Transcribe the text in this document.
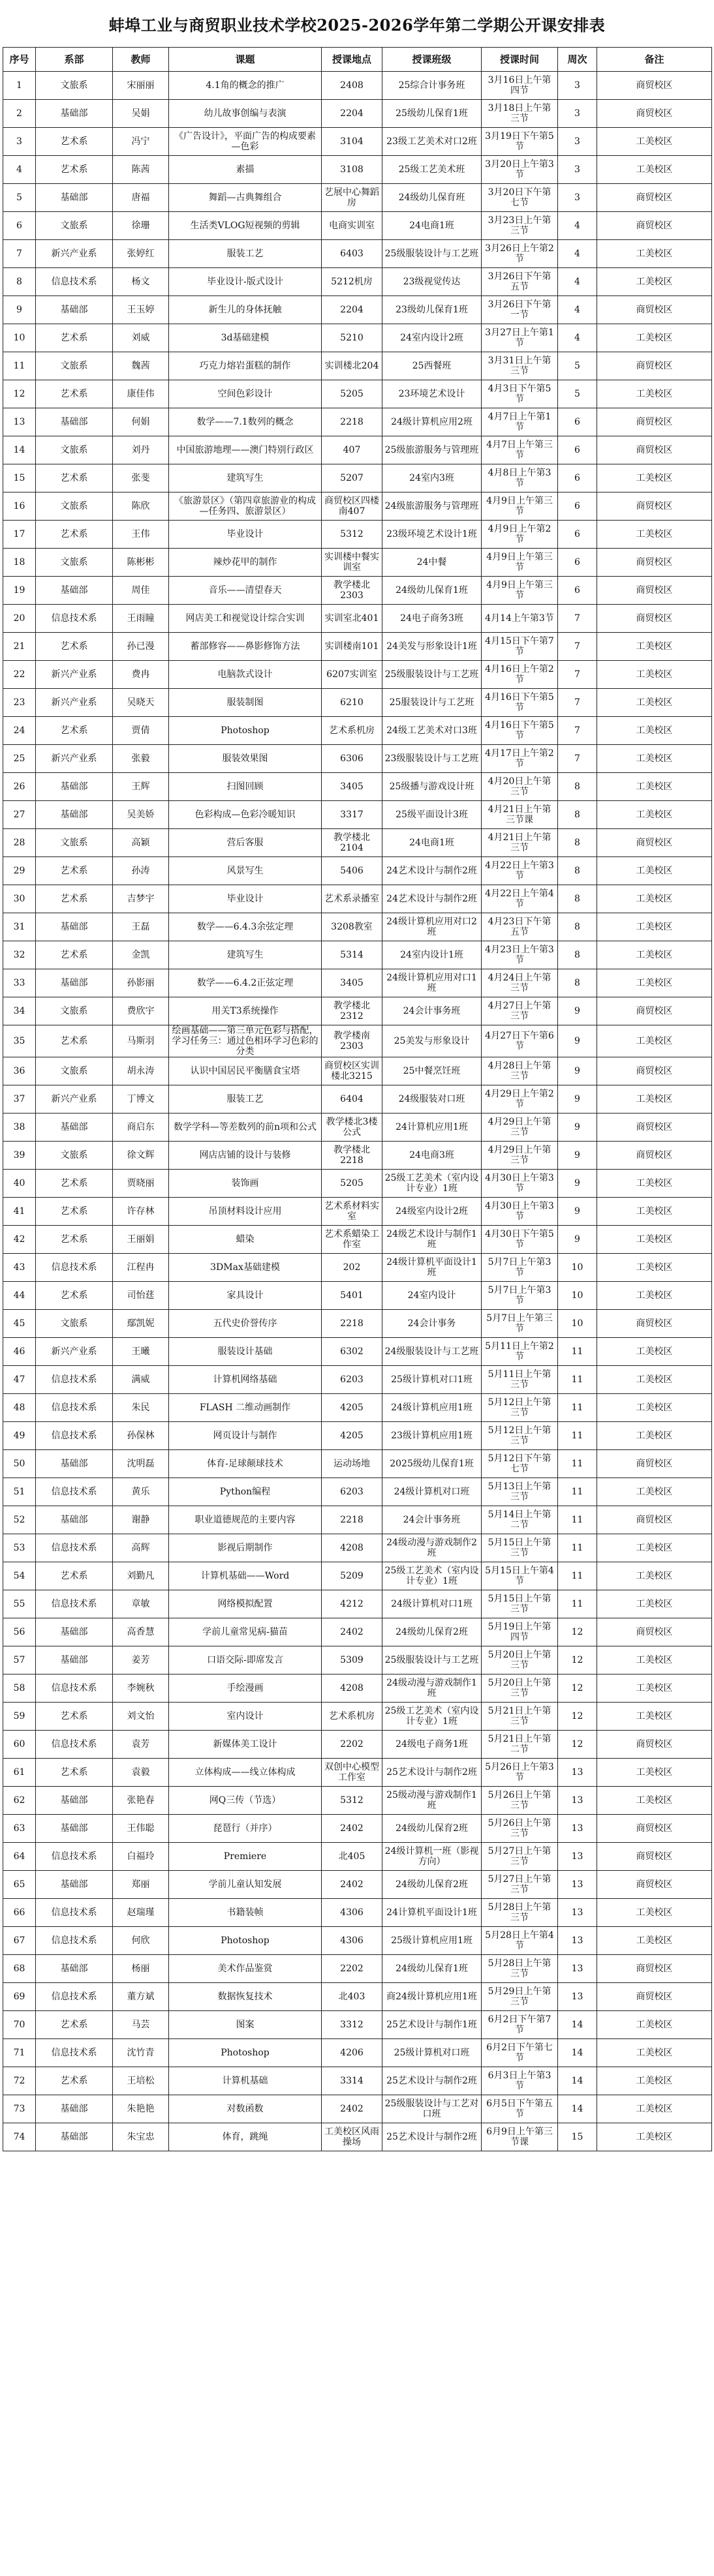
蚌埠工业与商贸职业技术学校2025-2026学年第二学期公开课安排表
序号	系部	教师	课题	授课地点	授课班级	授课时间	周次	备注
1	文旅系	宋丽丽	4.1角的概念的推广	2408	25综合计事务班	3月16日上午第四节	3	商贸校区
2	基础部	吴娟	幼儿故事创编与表演	2204	25级幼儿保育1班	3月18日上午第三节	3	商贸校区
3	艺术系	冯宁	《广告设计》，平面广告的构成要素—色彩	3104	23级工艺美术对口2班	3月19日下午第5节	3	工美校区
4	艺术系	陈茜	素描	3108	25级工艺美术班	3月20日上午第3节	3	工美校区
5	基础部	唐福	舞蹈—古典舞组合	艺展中心舞蹈房	24级幼儿保育班	3月20日下午第七节	3	商贸校区
6	文旅系	徐珊	生活类VLOG短视频的剪辑	电商实训室	24电商1班	3月23日上午第三节	4	商贸校区
7	新兴产业系	张婷红	服装工艺	6403	25级服装设计与工艺班	3月26日上午第2节	4	工美校区
8	信息技术系	杨文	毕业设计-版式设计	5212机房	23级视觉传达	3月26日下午第五节	4	工美校区
9	基础部	王玉婷	新生儿的身体抚触	2204	23级幼儿保育1班	3月26日下午第一节	4	商贸校区
10	艺术系	刘威	3d基础建模	5210	24室内设计2班	3月27日上午第1节	4	工美校区
11	文旅系	魏茜	巧克力熔岩蛋糕的制作	实训楼北204	25西餐班	3月31日上午第三节	5	商贸校区
12	艺术系	康佳伟	空间色彩设计	5205	23环境艺术设计	4月3日下午第5节	5	工美校区
13	基础部	何娟	数学——7.1数列的概念	2218	24级计算机应用2班	4月7日上午第1节	6	商贸校区
14	文旅系	刘丹	中国旅游地理——澳门特别行政区	407	25级旅游服务与管理班	4月7日上午第三节	6	商贸校区
15	艺术系	张斐	建筑写生	5207	24室内3班	4月8日上午第3节	6	工美校区
16	文旅系	陈欣	《旅游景区》（第四章旅游业的构成—任务四、旅游景区）	商贸校区四楼南407	24级旅游服务与管理班	4月9日上午第三节	6	商贸校区
17	艺术系	王伟	毕业设计	5312	23级环境艺术设计1班	4月9日上午第2节	6	工美校区
18	文旅系	陈彬彬	辣炒花甲的制作	实训楼中餐实训室	24中餐	4月9日上午第三节	6	商贸校区
19	基础部	周佳	音乐——清望春天	教学楼北2303	24级幼儿保育1班	4月9日上午第三节	6	商贸校区
20	信息技术系	王雨瞳	网店美工和视觉设计综合实训	实训室北401	24电子商务3班	4月14上午第3节	7	商贸校区
21	艺术系	孙已漫	蓄部修容——鼻影修饰方法	实训楼南101	24美发与形象设计1班	4月15日下午第7节	7	工美校区
22	新兴产业系	费冉	电脑款式设计	6207实训室	25级服装设计与工艺班	4月16日上午第2节	7	工美校区
23	新兴产业系	吴晓天	服装制图	6210	25服装设计与工艺班	4月16日下午第5节	7	工美校区
24	艺术系	贾倩	Photoshop	艺术系机房	24级工艺美术对口3班	4月16日下午第5节	7	工美校区
25	新兴产业系	张毅	服装效果图	6306	23级服装设计与工艺班	4月17日上午第2节	7	工美校区
26	基础部	王辉	扫图回顾	3405	25级播与游戏设计班	4月20日上午第三节	8	工美校区
27	基础部	吴美娇	色彩构成—色彩冷暖知识	3317	25级平面设计3班	4月21日上午第三节课	8	工美校区
28	文旅系	高颖	营后客服	教学楼北2104	24电商1班	4月21日上午第三节	8	商贸校区
29	艺术系	孙涛	风景写生	5406	24艺术设计与制作2班	4月22日上午第3节	8	工美校区
30	艺术系	吉梦宇	毕业设计	艺术系录播室	24艺术设计与制作2班	4月22日上午第4节	8	工美校区
31	基础部	王磊	数学——6.4.3余弦定理	3208教室	24级计算机应用对口2班	4月23日下午第五节	8	工美校区
32	艺术系	金凯	建筑写生	5314	24室内设计1班	4月23日上午第3节	8	工美校区
33	基础部	孙影丽	数学——6.4.2正弦定理	3405	24级计算机应用对口1班	4月24日上午第三节	8	工美校区
34	文旅系	费欣宇	用关T3系统操作	教学楼北2312	24会计事务班	4月27日上午第三节	9	商贸校区
35	艺术系	马斯羽	绘画基础——第三单元色彩与搭配，学习任务三：通过色相环学习色彩的分类	教学楼南2303	25美发与形象设计	4月27日下午第6节	9	工美校区
36	文旅系	胡永涛	认识中国居民平衡膳食宝塔	商贸校区实训楼北3215	25中餐烹饪班	4月28日上午第三节	9	商贸校区
37	新兴产业系	丁博文	服装工艺	6404	24级服装对口班	4月29日上午第2节	9	工美校区
38	基础部	商启东	数学学科—等差数列的前n项和公式	教学楼北3楼公式	24计算机应用1班	4月29日上午第三节	9	商贸校区
39	文旅系	徐文辉	网店店铺的设计与装修	教学楼北2218	24电商3班	4月29日上午第三节	9	商贸校区
40	艺术系	贾晓丽	装饰画	5205	25级工艺美术（室内设计专业）1班	4月30日上午第3节	9	工美校区
41	艺术系	许存林	吊顶材料设计应用	艺术系材料实室	24级室内设计2班	4月30日上午第3节	9	工美校区
42	艺术系	王丽娟	蜡染	艺术系蜡染工作室	24级艺术设计与制作1班	4月30日下午第5节	9	工美校区
43	信息技术系	江程冉	3DMax基础建模	202	24级计算机平面设计1班	5月7日上午第3节	10	工美校区
44	艺术系	司怡莛	家具设计	5401	24室内设计	5月7日上午第3节	10	工美校区
45	文旅系	鄢凯妮	五代史价誉传序	2218	24会计事务	5月7日上午第三节	10	商贸校区
46	新兴产业系	王曦	服装设计基础	6302	24级服装设计与工艺班	5月11日上午第2节	11	工美校区
47	信息技术系	满威	计算机网络基础	6203	25级计算机对口1班	5月11日上午第三节	11	工美校区
48	信息技术系	朱民	FLASH 二维动画制作	4205	24级计算机应用1班	5月12日上午第三节	11	工美校区
49	信息技术系	孙保林	网页设计与制作	4205	23级计算机应用1班	5月12日上午第三节	11	工美校区
50	基础部	沈明磊	体育-足球颠球技术	运动场地	2025级幼儿保育1班	5月12日下午第七节	11	商贸校区
51	信息技术系	黄乐	Python编程	6203	24级计算机对口班	5月13日上午第三节	11	工美校区
52	基础部	谢静	职业道德规范的主要内容	2218	24会计事务班	5月14日上午第二节	11	商贸校区
53	信息技术系	高辉	影视后期制作	4208	24级动漫与游戏制作2班	5月15日上午第三节	11	工美校区
54	艺术系	刘勤凡	计算机基础——Word	5209	25级工艺美术（室内设计专业）1班	5月15日上午第4节	11	工美校区
55	信息技术系	章敏	网络模拟配置	4212	24级计算机对口1班	5月15日上午第三节	11	工美校区
56	基础部	高香慧	学前儿童常见病-猫苗	2402	24级幼儿保育2班	5月19日上午第四节	12	商贸校区
57	基础部	姜芳	口语交际-即席发言	5309	25级服装设计与工艺班	5月20日上午第三节	12	工美校区
58	信息技术系	李婉秋	手绘漫画	4208	24级动漫与游戏制作1班	5月20日上午第三节	12	工美校区
59	艺术系	刘文怡	室内设计	艺术系机房	25级工艺美术（室内设计专业）1班	5月21日上午第三节	12	工美校区
60	信息技术系	袁芳	新媒体美工设计	2202	24级电子商务1班	5月21日上午第二节	12	商贸校区
61	艺术系	袁毅	立体构成——线立体构成	双创中心模型工作室	25艺术设计与制作2班	5月26日上午第3节	13	工美校区
62	基础部	张艳春	网Q三传（节选）	5312	25级动漫与游戏制作1班	5月26日上午第三节	13	工美校区
63	基础部	王伟聪	琵琶行（并序）	2402	24级幼儿保育2班	5月26日上午第三节	13	商贸校区
64	信息技术系	白福玲	Premiere	北405	24级计算机一班（影视方向）	5月27日上午第三节	13	商贸校区
65	基础部	郑丽	学前儿童认知发展	2402	24级幼儿保育2班	5月27日上午第三节	13	商贸校区
66	信息技术系	赵瑞瑾	书籍装帧	4306	24计算机平面设计1班	5月28日上午第三节	13	工美校区
67	信息技术系	何欣	Photoshop	4306	25级计算机应用1班	5月28日上午第4节	13	工美校区
68	基础部	杨丽	美术作品鉴赏	2202	24级幼儿保育1班	5月28日上午第三节	13	商贸校区
69	信息技术系	董方斌	数据恢复技术	北403	商24级计算机应用1班	5月29日上午第三节	13	商贸校区
70	艺术系	马芸	图案	3312	25艺术设计与制作1班	6月2日下午第7节	14	工美校区
71	信息技术系	沈竹青	Photoshop	4206	25级计算机对口班	6月2日下午第七节	14	工美校区
72	艺术系	王培松	计算机基础	3314	25艺术设计与制作2班	6月3日上午第3节	14	工美校区
73	基础部	朱艳艳	对数函数	2402	25级服装设计与工艺对口班	6月5日下午第五节	14	工美校区
74	基础部	朱宝忠	体育，跳绳	工美校区风雨操场	25艺术设计与制作2班	6月9日上午第三节课	15	工美校区
